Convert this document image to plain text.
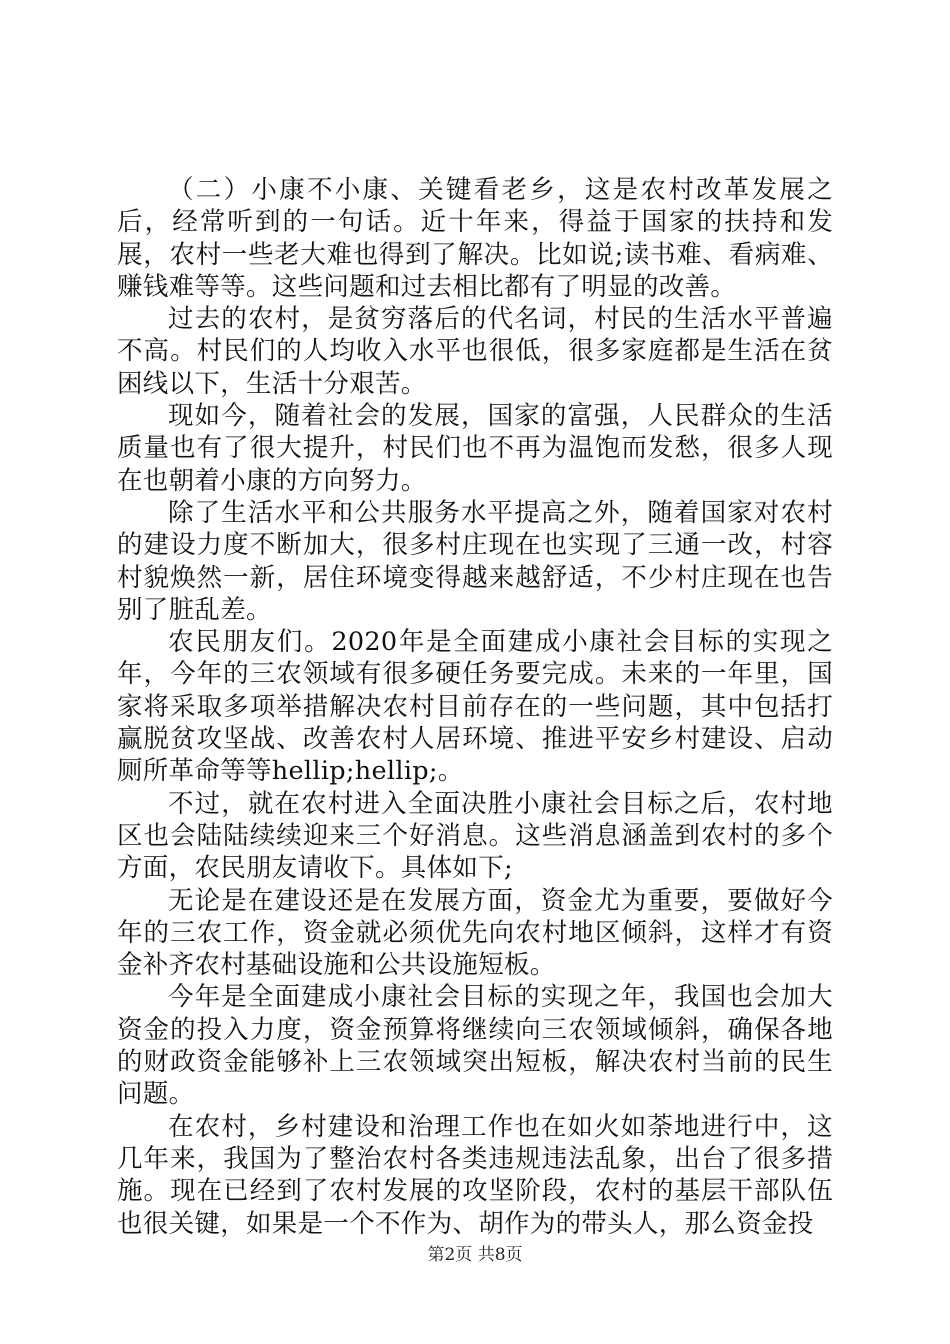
（二）小康不小康、关键看老乡，这是农村改革发展之后，经常听到的一句话。近十年来，得益于国家的扶持和发展，农村一些老大难也得到了解决。比如说;读书难、看病难、赚钱难等等。这些问题和过去相比都有了明显的改善。

过去的农村，是贫穷落后的代名词，村民的生活水平普遍不高。村民们的人均收入水平也很低，很多家庭都是生活在贫困线以下，生活十分艰苦。

现如今，随着社会的发展，国家的富强，人民群众的生活质量也有了很大提升，村民们也不再为温饱而发愁，很多人现在也朝着小康的方向努力。

除了生活水平和公共服务水平提高之外，随着国家对农村的建设力度不断加大，很多村庄现在也实现了三通一改，村容村貌焕然一新，居住环境变得越来越舒适，不少村庄现在也告别了脏乱差。

农民朋友们。2020年是全面建成小康社会目标的实现之年，今年的三农领域有很多硬任务要完成。未来的一年里，国家将采取多项举措解决农村目前存在的一些问题，其中包括打赢脱贫攻坚战、改善农村人居环境、推进平安乡村建设、启动厕所革命等等hellip;hellip;。

不过，就在农村进入全面决胜小康社会目标之后，农村地区也会陆陆续续迎来三个好消息。这些消息涵盖到农村的多个方面，农民朋友请收下。具体如下;

无论是在建设还是在发展方面，资金尤为重要，要做好今年的三农工作，资金就必须优先向农村地区倾斜，这样才有资金补齐农村基础设施和公共设施短板。

今年是全面建成小康社会目标的实现之年，我国也会加大资金的投入力度，资金预算将继续向三农领域倾斜，确保各地的财政资金能够补上三农领域突出短板，解决农村当前的民生问题。

在农村，乡村建设和治理工作也在如火如荼地进行中，这几年来，我国为了整治农村各类违规违法乱象，出台了很多措施。现在已经到了农村发展的攻坚阶段，农村的基层干部队伍也很关键，如果是一个不作为、胡作为的带头人，那么资金投

第2页 共8页
